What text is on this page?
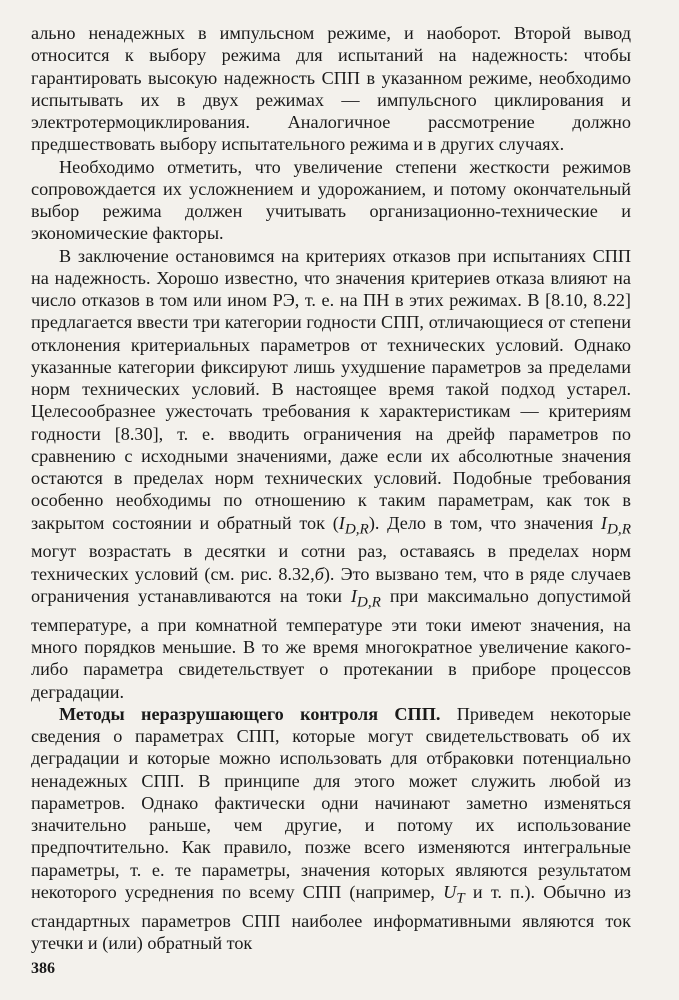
ально ненадежных в импульсном режиме, и наоборот. Второй вывод относится к выбору режима для испытаний на надежность: чтобы гарантировать высокую надежность СПП в указанном режиме, необходимо испытывать их в двух режимах — импульсного циклирования и электротермоциклирования. Аналогичное рассмотрение должно предшествовать выбору испытательного режима и в других случаях.

Необходимо отметить, что увеличение степени жесткости режимов сопровождается их усложнением и удорожанием, и потому окончательный выбор режима должен учитывать организационно-технические и экономические факторы.

В заключение остановимся на критериях отказов при испытаниях СПП на надежность. Хорошо известно, что значения критериев отказа влияют на число отказов в том или ином РЭ, т. е. на ПН в этих режимах. В [8.10, 8.22] предлагается ввести три категории годности СПП, отличающиеся от степени отклонения критериальных параметров от технических условий. Однако указанные категории фиксируют лишь ухудшение параметров за пределами норм технических условий. В настоящее время такой подход устарел. Целесообразнее ужесточать требования к характеристикам — критериям годности [8.30], т. е. вводить ограничения на дрейф параметров по сравнению с исходными значениями, даже если их абсолютные значения остаются в пределах норм технических условий. Подобные требования особенно необходимы по отношению к таким параметрам, как ток в закрытом состоянии и обратный ток $(I_{D,R})$. Дело в том, что значения $I_{D,R}$ могут возрастать в десятки и сотни раз, оставаясь в пределах норм технических условий (см. рис. 8.32,б). Это вызвано тем, что в ряде случаев ограничения устанавливаются на токи $I_{D,R}$ при максимально допустимой температуре, а при комнатной температуре эти токи имеют значения, на много порядков меньшие. В то же время многократное увеличение какого-либо параметра свидетельствует о протекании в приборе процессов деградации.

Методы неразрушающего контроля СПП. Приведем некоторые сведения о параметрах СПП, которые могут свидетельствовать об их деградации и которые можно использовать для отбраковки потенциально ненадежных СПП. В принципе для этого может служить любой из параметров. Однако фактически одни начинают заметно изменяться значительно раньше, чем другие, и потому их использование предпочтительно. Как правило, позже всего изменяются интегральные параметры, т. е. те параметры, значения которых являются результатом некоторого усреднения по всему СПП (например, $U_T$ и т. п.). Обычно из стандартных параметров СПП наиболее информативными являются ток утечки и (или) обратный ток

386
